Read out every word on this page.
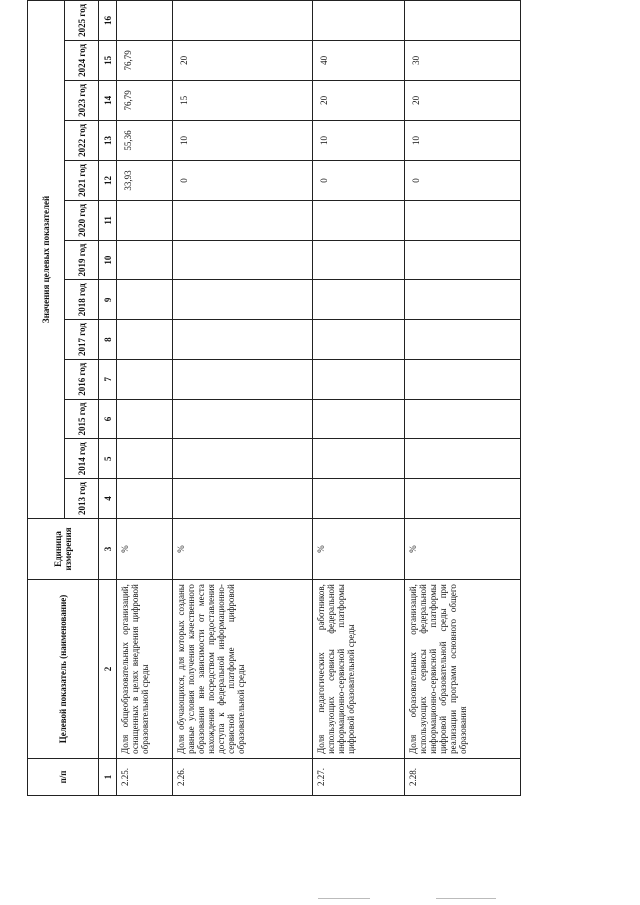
п/п	Целевой показатель (наименование)	Единица измерения	Значения целевых показателей												
			2013 год	2014 год	2015 год	2016 год	2017 год	2018 год	2019 год	2020 год	2021 год	2022 год	2023 год	2024 год	2025 год
1	2	3	4	5	6	7	8	9	10	11	12	13	14	15	16
2.25.	Доля общеобразовательных организаций, оснащенных в целях внедрения цифровой образовательной среды	%									33,93	55,36	76,79	76,79	
2.26.	Доля обучающихся, для которых созданы равные условия получения качественного образования вне зависимости от места нахождения посредством предоставления доступа к федеральной информационно-сервисной платформе цифровой образовательной среды	%									0	10	15	20	
2.27.	Доля педагогических работников, использующих сервисы федеральной информационно-сервисной платформы цифровой образовательной среды	%									0	10	20	40	
2.28.	Доля образовательных организаций, использующих сервисы федеральной информационно-сервисной платформы цифровой образовательной среды при реализации программ основного общего образования	%									0	10	20	30	
